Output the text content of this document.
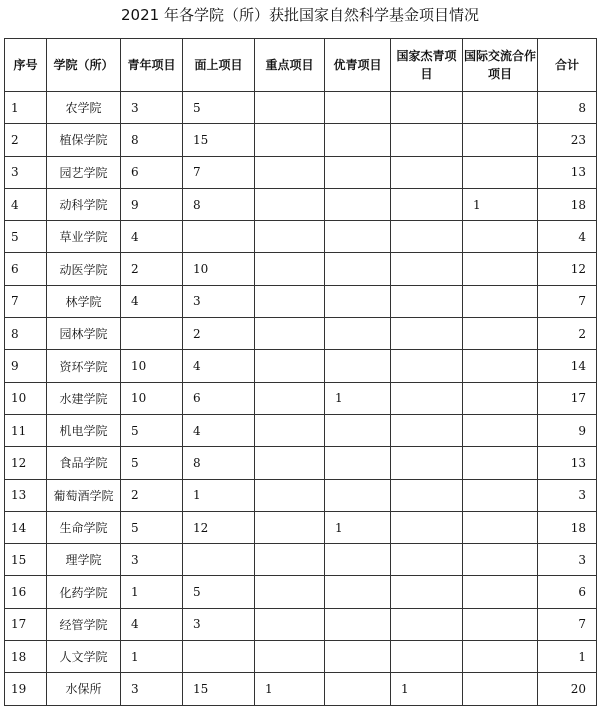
2021 年各学院（所）获批国家自然科学基金项目情况
序号	学院（所）	青年项目	面上项目	重点项目	优青项目	国家杰青项目	国际交流合作项目	合计
1	农学院	3	5					8
2	植保学院	8	15					23
3	园艺学院	6	7					13
4	动科学院	9	8				1	18
5	草业学院	4						4
6	动医学院	2	10					12
7	林学院	4	3					7
8	园林学院		2					2
9	资环学院	10	4					14
10	水建学院	10	6		1			17
11	机电学院	5	4					9
12	食品学院	5	8					13
13	葡萄酒学院	2	1					3
14	生命学院	5	12		1			18
15	理学院	3						3
16	化药学院	1	5					6
17	经管学院	4	3					7
18	人文学院	1						1
19	水保所	3	15	1		1		20
